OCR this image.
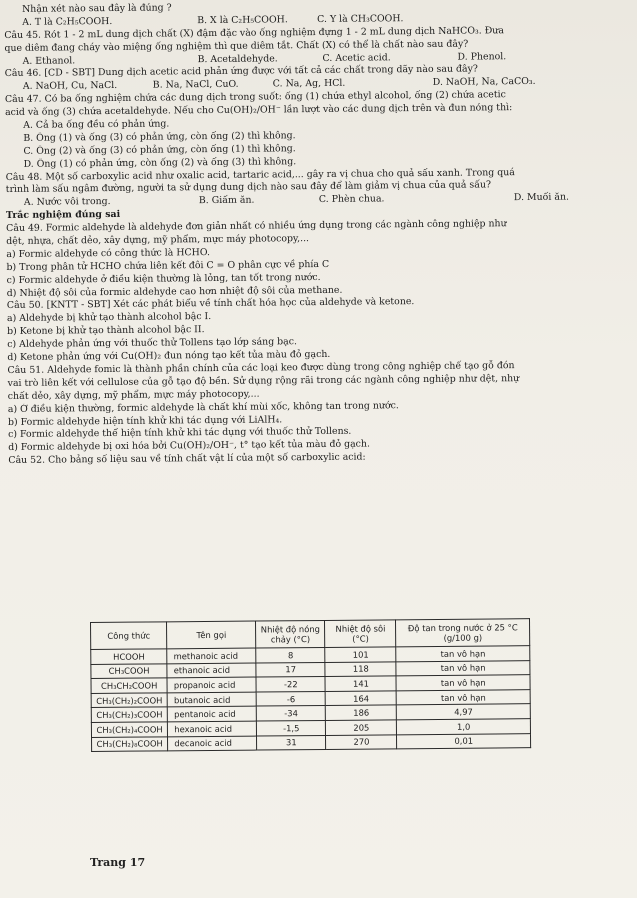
Nhận xét nào sau đây là đúng ?
A. T là C₂H₅COOH.	B. X là C₂H₅COOH.	C. Y là CH₃COOH.
Câu 45. Rót 1 - 2 mL dung dịch chất (X) đậm đặc vào ống nghiệm đựng 1 - 2 mL dung dịch NaHCO₃. Đưa
que diêm đang cháy vào miệng ống nghiệm thì que diêm tắt. Chất (X) có thể là chất nào sau đây?
A. Ethanol.	B. Acetaldehyde.	C. Acetic acid.	D. Phenol.
Câu 46. [CD - SBT] Dung dịch acetic acid phản ứng được với tất cả các chất trong dãy nào sau đây?
A. NaOH, Cu, NaCl.	B. Na, NaCl, CuO.	C. Na, Ag, HCl.	D. NaOH, Na, CaCO₃.
Câu 47. Có ba ống nghiệm chứa các dung dịch trong suốt: ống (1) chứa ethyl alcohol, ống (2) chứa acetic
acid và ống (3) chứa acetaldehyde. Nếu cho Cu(OH)₂/OH⁻ lần lượt vào các dung dịch trên và đun nóng thì:
A. Cả ba ống đều có phản ứng.
B. Ống (1) và ống (3) có phản ứng, còn ống (2) thì không.
C. Ống (2) và ống (3) có phản ứng, còn ống (1) thì không.
D. Ống (1) có phản ứng, còn ống (2) và ống (3) thì không.
Câu 48. Một số carboxylic acid như oxalic acid, tartaric acid,... gây ra vị chua cho quả sấu xanh. Trong quá
trình làm sấu ngâm đường, người ta sử dụng dung dịch nào sau đây để làm giảm vị chua của quả sấu?
A. Nước vôi trong.	B. Giấm ăn.	C. Phèn chua.	D. Muối ăn.
Trắc nghiệm đúng sai
Câu 49. Formic aldehyde là aldehyde đơn giản nhất có nhiều ứng dụng trong các ngành công nghiệp như
dệt, nhựa, chất dẻo, xây dựng, mỹ phẩm, mực máy photocopy,...
a) Formic aldehyde có công thức là HCHO.
b) Trong phân tử HCHO chứa liên kết đôi C = O phân cực về phía C
c) Formic aldehyde ở điều kiện thường là lỏng, tan tốt trong nước.
d) Nhiệt độ sôi của formic aldehyde cao hơn nhiệt độ sôi của methane.
Câu 50. [KNTT - SBT] Xét các phát biểu về tính chất hóa học của aldehyde và ketone.
a) Aldehyde bị khử tạo thành alcohol bậc I.
b) Ketone bị khử tạo thành alcohol bậc II.
c) Aldehyde phản ứng với thuốc thử Tollens tạo lớp sáng bạc.
d) Ketone phản ứng với Cu(OH)₂ đun nóng tạo kết tủa màu đỏ gạch.
Câu 51. Aldehyde fomic là thành phần chính của các loại keo được dùng trong công nghiệp chế tạo gỗ đón
vai trò liên kết với cellulose của gỗ tạo độ bền. Sử dụng rộng rãi trong các ngành công nghiệp như dệt, nhự
chất dẻo, xây dựng, mỹ phẩm, mực máy photocopy,...
a) Ở điều kiện thường, formic aldehyde là chất khí mùi xốc, không tan trong nước.
b) Formic aldehyde hiện tính khử khi tác dụng với LiAlH₄.
c) Formic aldehyde thể hiện tính khử khi tác dụng với thuốc thử Tollens.
d) Formic aldehyde bị oxi hóa bởi Cu(OH)₂/OH⁻, t° tạo kết tủa màu đỏ gạch.
Câu 52. Cho bảng số liệu sau về tính chất vật lí của một số carboxylic acid:
Công thức	Tên gọi	Nhiệt độ nóng chảy (°C)	Nhiệt độ sôi (°C)	Độ tan trong nước ở 25 °C (g/100 g)
HCOOH	methanoic acid	8	101	tan vô hạn
CH₃COOH	ethanoic acid	17	118	tan vô hạn
CH₃CH₂COOH	propanoic acid	-22	141	tan vô hạn
CH₃(CH₂)₂COOH	butanoic acid	-6	164	tan vô hạn
CH₃(CH₂)₃COOH	pentanoic acid	-34	186	4,97
CH₃(CH₂)₄COOH	hexanoic acid	-1,5	205	1,0
CH₃(CH₂)₈COOH	decanoic acid	31	270	0,01
Trang 17
